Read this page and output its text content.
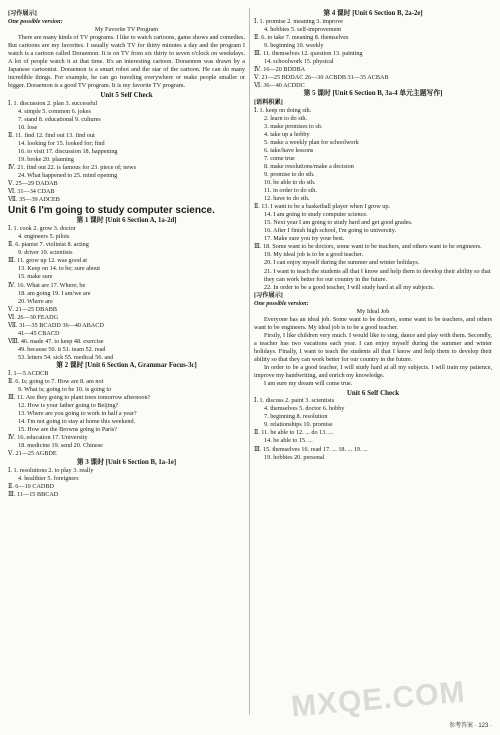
[习作展示]
One possible version:
My Favorite TV Program

There are many kinds of TV programs. I like to watch cartoons, game shows and comedies. But cartoons are my favorites. I usually watch TV for thirty minutes a day and the program I watch is a cartoon called Doraemon. It is on TV from six thirty to seven o'clock on weekdays. A lot of people watch it at that time. It's an interesting cartoon. Doraemon was drawn by a Japanese cartoonist. Doraemon is a smart robot and the star of the cartoon. He can do many incredible things. For example, he can go traveling everywhere or make people smaller or bigger. Doraemon is a good TV program. It is my favorite TV program.

Unit 5 Self Check
Ⅰ. 1. discussion 2. plan 3. successful
4. simple 5. common 6. jokes
7. stand 8. educational 9. cultures
10. lose
Ⅱ. 11. find 12. find out 13. find out
14. looking for 15. looked for; find
16. to visit 17. discussion 18. happening
19. broke 20. planning
Ⅳ. 21. find out 22. is famous for 23. piece of; news
24. What happened to 25. mind opening
Ⅴ. 25—29 DADAB
Ⅵ. 31—34 CDAB
Ⅶ. 35—39 ADCEB
Unit 6 I'm going to study computer science.
第 1 课时 [Unit 6 Section A, 1a-2d]
Ⅰ. 1. cook 2. grow 3. doctor
4. engineers 5. pilots
Ⅱ. 6. pianist 7. violinist 8. acting
9. driver 10. scientists
Ⅲ. 11. grow up 12. was good at
13. Keep on 14. to be; sure about
15. make sure
Ⅳ. 16. What are 17. Where; be
18. am going 19. I am/we are
20. Where are
Ⅴ. 21—25 DBABB
Ⅵ. 26—30 FEADG
Ⅶ. 31—35 BCADD 36—40 ABACD
41—45 CBACD
Ⅷ. 46. made 47. to keep 48. exercise
49. because 50. it 51. team 52. read
53. letters 54. sick 55. medical 56. and
第 2 课时 [Unit 6 Section A, Grammar Focus-3c]
Ⅰ. 1—5 ACDCB
Ⅱ. 6. Is; going to 7. How are 8. am not
9. What is; going to be 10. is going to
Ⅲ. 11. Are they going to plant trees tomorrow afternoon?
12. How is your father going to Beijing?
13. Where are you going to work in half a year?
14. I'm not going to stay at home this weekend.
15. How are the Browns going to Paris?
Ⅳ. 16. education 17. University
18. medicine 19. send 20. Chinese
Ⅴ. 21—25 AGBDE
第 3 课时 [Unit 6 Section B, 1a-1e]
Ⅰ. 1. resolutions 2. to play 3. really
4. healthier 5. foreigners
Ⅱ. 6—10 CADBD
Ⅲ. 11—15 BBCAD
第 4 课时 [Unit 6 Section B, 2a-2e]
Ⅰ. 1. promise 2. meaning 3. improve
4. hobbies 5. self-improvement
Ⅱ. 6. to take 7. meaning 8. themselves
9. beginning 10. weekly
Ⅲ. 11. themselves 12. question 13. painting
14. schoolwork 15. physical
Ⅳ. 16—20 BDDBA
Ⅴ. 21—25 BDDAC 26—30 ACBDB 31—35 ACBAB
Ⅵ. 36—40 ACDDC
第 5 课时 [Unit 6 Section B, 3a-4 单元主题写作]
[语料积累]
Ⅰ. 1. keep on doing sth.
2. learn to do sth.
3. make promises to sb.
4. take up a hobby
5. make a weekly plan for schoolwork
6. take/have lessons
7. come true
8. make resolutions/make a decision
9. promise to do sth.
10. be able to do sth.
11. in order to do sth.
12. have to do sth.
Ⅱ. 13. I want to be a basketball player when I grow up.
14. I am going to study computer science.
15. Next year I am going to study hard and get good grades.
16. After I finish high school, I'm going to university.
17. Make sure you try your best.
Ⅲ. 18. Some want to be doctors, some want to be teachers, and others want to be engineers.
19. My ideal job is to be a good teacher.
20. I can enjoy myself during the summer and winter holidays.
21. I want to teach the students all that I know and help them to develop their ability so that they can work better for our country in the future.
22. In order to be a good teacher, I will study hard at all my subjects.
[习作展示]
One possible version:
My Ideal Job

Everyone has an ideal job. Some want to be doctors, some want to be teachers, and others want to be engineers. My ideal job is to be a good teacher.

Firstly, I like children very much. I would like to sing, dance and play with them. Secondly, a teacher has two vacations each year. I can enjoy myself during the summer and winter holidays. Finally, I want to teach the students all that I know and help them to develop their ability so that they can work better for our country in the future.

In order to be a good teacher, I will study hard at all my subjects. I will train my patience, improve my handwriting, and enrich my knowledge.

I am sure my dream will come true.

Unit 6 Self Check
Ⅰ. 1. discuss 2. paint 3. scientists
4. themselves 5. doctor 6. hobby
7. beginning 8. resolution
9. relationships 10. promise
Ⅱ. 11. be able to 12. ... do 13. ...
14. be able to 15. ...
Ⅲ. 15. themselves 16. read 17. ... 18. ... 19. ...
19. hobbies 20. personal
MXQE.COM
参考答案 · 123 ·
